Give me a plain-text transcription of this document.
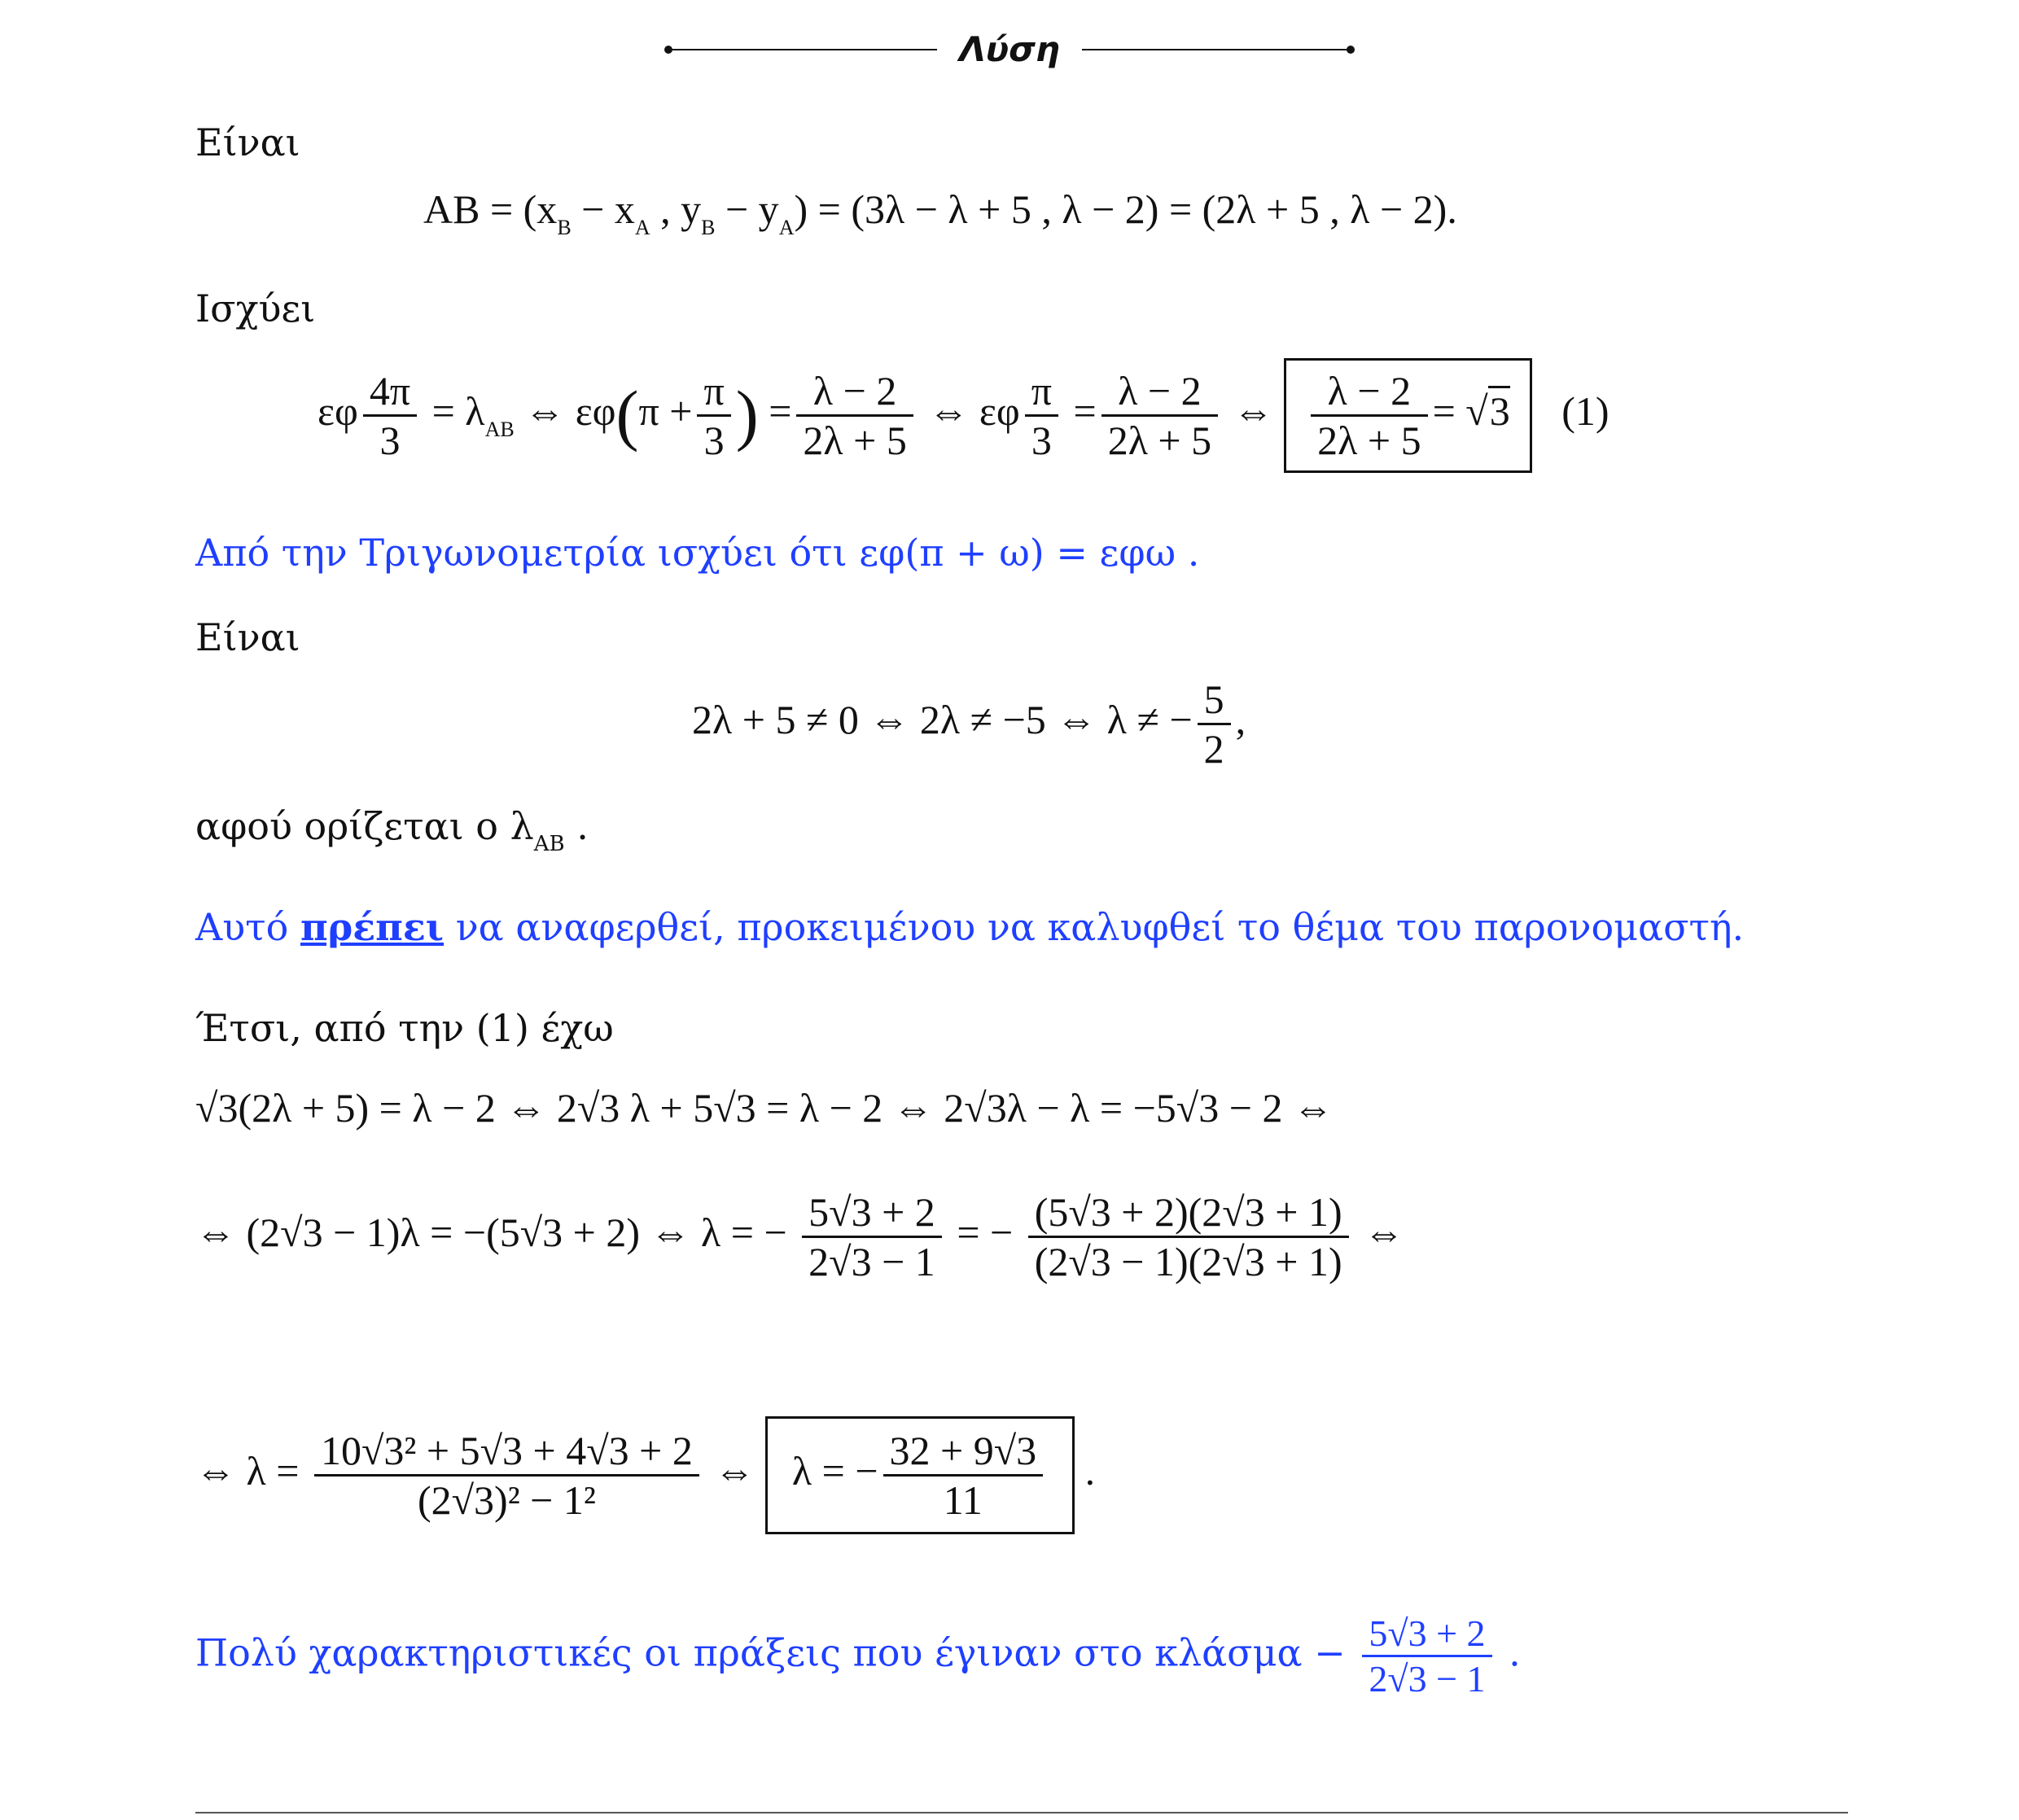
Λύση
Είναι
AB = ($x_B - x_A$ , $y_B - y_A) = (3\lambda - \lambda + 5$ , λ − 2) = (2λ + 5 , λ − 2).
Ισχύει
εφ $\frac{4\pi}{3} = \lambda_{AB}$ ⇔ $\varepsilon\varphi(\pi + \frac{\pi}{3}$ ) = $\frac{\lambda - 2}{2\lambda + 5}$ ⇔ εφ $\frac{\pi}{3} = \frac{\lambda - 2}{2\lambda + 5}$ ⇔ $\frac{\lambda - 2}{2\lambda + 5} = √3$ (1)
Από την Τριγωνομετρία ισχύει ότι εφ(π + ω) = εφω .
Είναι
2λ + 5 ≠ 0 ⇔ 2λ ≠ −5 ⇔ λ ≠ − $\frac{5}{2}$ ,
αφού ορίζεται ο $\lambda_{AB}$ .
Αυτό πρέπει να αναφερθεί, προκειμένου να καλυφθεί το θέμα του παρονομαστή.
Έτσι, από την (1) έχω
√3(2λ + 5) = λ − 2 ⇔ 2√3 λ + 5√3 = λ − 2 ⇔ 2√3λ − λ = −5√3 − 2 ⇔
⇔ (2√3 − 1)λ = −(5√3 + 2) ⇔ λ = − $\frac{5√3 + 2}{2√3 - 1}$ = − $\frac{(5√3 + 2)(2√3 + 1)}{(2√3 - 1)(2√3 + 1)}$ ⇔
⇔ $\lambda = \frac{\text{10√3² + 5√3 + 4√3 + 2}}{\text{(2√3)² − 1²}}$ ⇔ λ = − $\frac{32 + 9√3}{11}$ .
Πολύ χαρακτηριστικές οι πράξεις που έγιναν στο $\kappa\lambda ά\sigma\mu\alpha - \frac{5√3 + 2}{2√3 - 1}$ .
